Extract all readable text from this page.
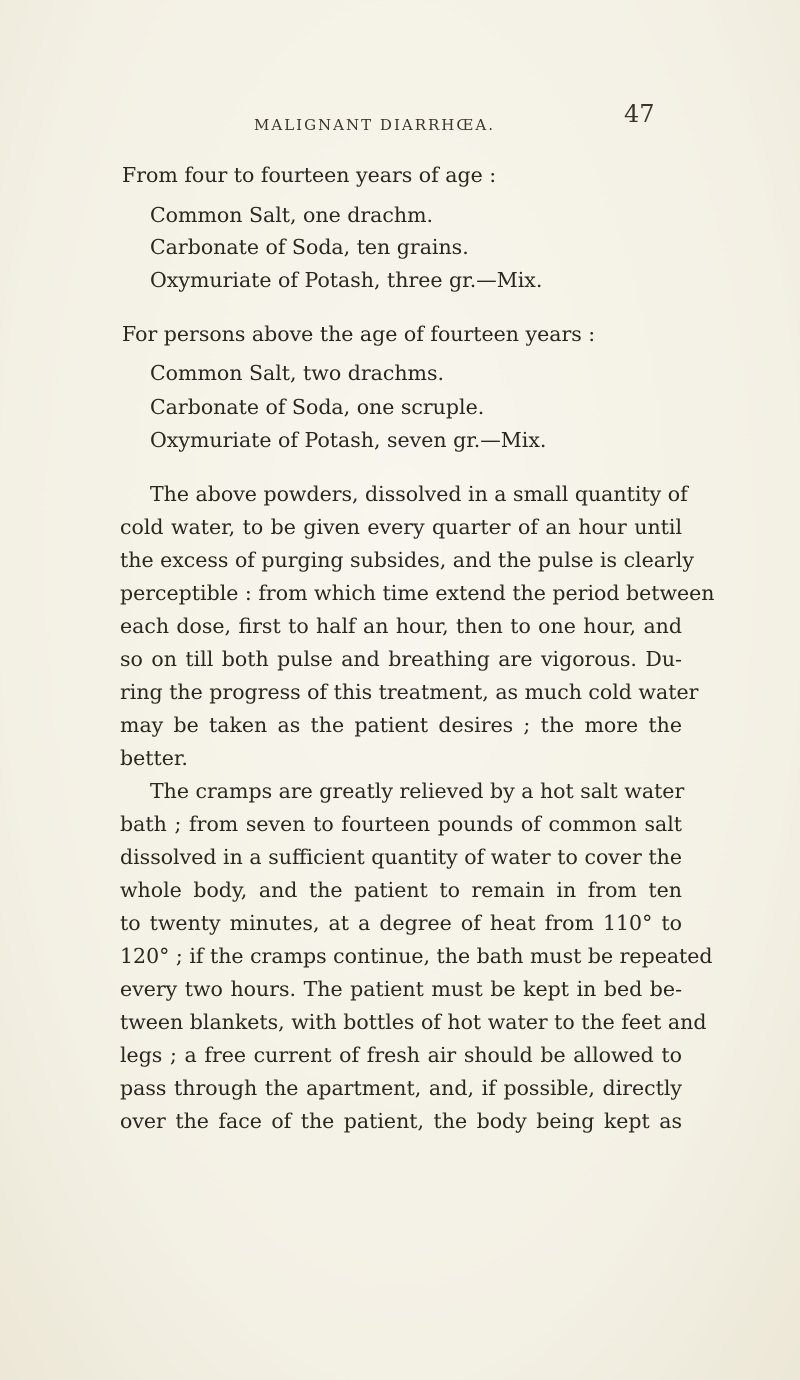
MALIGNANT DIARRHŒA.	47
From four to fourteen years of age :
Common Salt, one drachm.
Carbonate of Soda, ten grains.
Oxymuriate of Potash, three gr.—Mix.
For persons above the age of fourteen years :
Common Salt, two drachms.
Carbonate of Soda, one scruple.
Oxymuriate of Potash, seven gr.—Mix.
The above powders, dissolved in a small quantity of
cold water, to be given every quarter of an hour until
the excess of purging subsides, and the pulse is clearly
perceptible : from which time extend the period between
each dose, first to half an hour, then to one hour, and
so on till both pulse and breathing are vigorous. Du-
ring the progress of this treatment, as much cold water
may be taken as the patient desires ; the more the
better.
The cramps are greatly relieved by a hot salt water
bath ; from seven to fourteen pounds of common salt
dissolved in a sufficient quantity of water to cover the
whole body, and the patient to remain in from ten
to twenty minutes, at a degree of heat from 110° to
120° ; if the cramps continue, the bath must be repeated
every two hours. The patient must be kept in bed be-
tween blankets, with bottles of hot water to the feet and
legs ; a free current of fresh air should be allowed to
pass through the apartment, and, if possible, directly
over the face of the patient, the body being kept as
